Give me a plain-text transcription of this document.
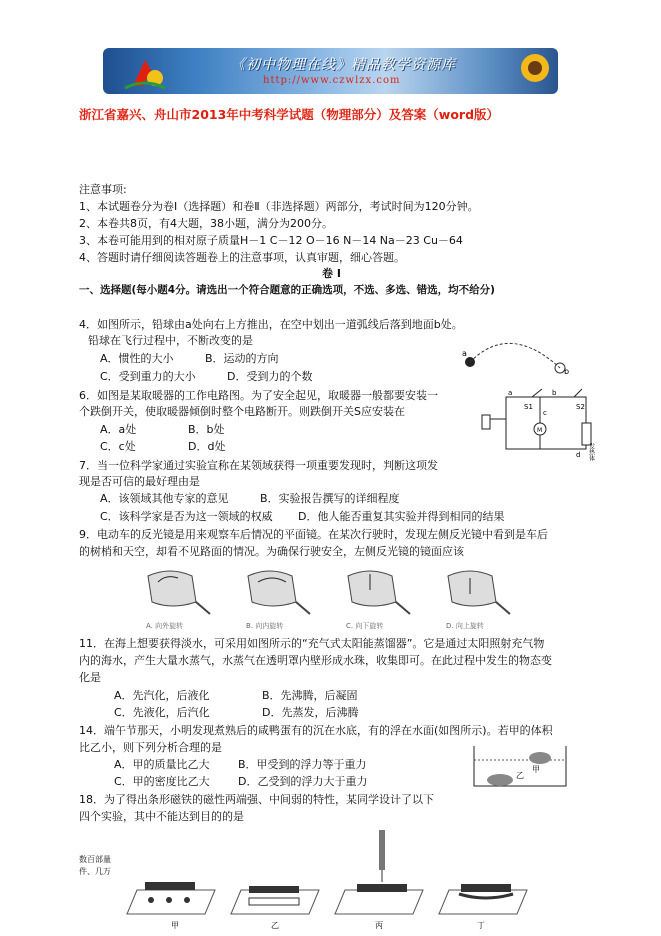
《初中物理在线》精品教学资源库
http://www.czwlzx.com
浙江省嘉兴、舟山市2013年中考科学试题（物理部分）及答案（word版）
注意事项:
1、本试题卷分为卷Ⅰ（选择题）和卷Ⅱ（非选择题）两部分，考试时间为120分钟。
2、本卷共8页，有4大题，38小题，满分为200分。
3、本卷可能用到的相对原子质量H－1 C－12 O－16 N－14 Na－23 Cu－64
4、答题时请仔细阅读答题卷上的注意事项，认真审题，细心答题。
卷 Ⅰ
一、选择题(每小题4分。请选出一个符合题意的正确选项，不选、多选、错选，均不给分)
4．如图所示，铅球由a处向右上方推出，在空中划出一道弧线后落到地面b处。
铅球在飞行过程中，不断改变的是
A．惯性的大小	B．运动的方向
C．受到重力的大小	D．受到力的个数
a
b
6．如图是某取暖器的工作电路图。为了安全起见，取暖器一般都要安装一
个跌倒开关，使取暖器倾倒时整个电路断开。则跌倒开关S应安装在
A．a处	B．b处
C．c处	D．d处
a	b
c
d
S1	S2
M
发热体
7．当一位科学家通过实验宣称在某领域获得一项重要发现时，判断这项发
现是否可信的最好理由是
A．该领域其他专家的意见	B．实验报告撰写的详细程度
C．该科学家是否为这一领域的权威 D．他人能否重复其实验并得到相同的结果
9．电动车的反光镜是用来观察车后情况的平面镜。在某次行驶时，发现左侧反光镜中看到是车后
的树梢和天空，却看不见路面的情况。为确保行驶安全，左侧反光镜的镜面应该
A. 向外旋转	B. 向内旋转	C. 向下旋转	D. 向上旋转
11．在海上想要获得淡水，可采用如图所示的“充气式太阳能蒸馏器”。它是通过太阳照射充气物
内的海水，产生大量水蒸气，水蒸气在透明罩内壁形成水珠，收集即可。在此过程中发生的物态变
化是
A．先汽化，后液化	B．先沸腾，后凝固
C．先液化，后汽化	D．先蒸发，后沸腾
14．端午节那天，小明发现煮熟后的咸鸭蛋有的沉在水底，有的浮在水面(如图所示)。若甲的体积
比乙小，则下列分析合理的是
A．甲的质量比乙大	B．甲受到的浮力等于重力
C．甲的密度比乙大	D．乙受到的浮力大于重力
甲
乙
18．为了得出条形磁铁的磁性两端强、中间弱的特性，某同学设计了以下
四个实验，其中不能达到目的的是
数百部量
件、几万
甲	乙	丙	丁
